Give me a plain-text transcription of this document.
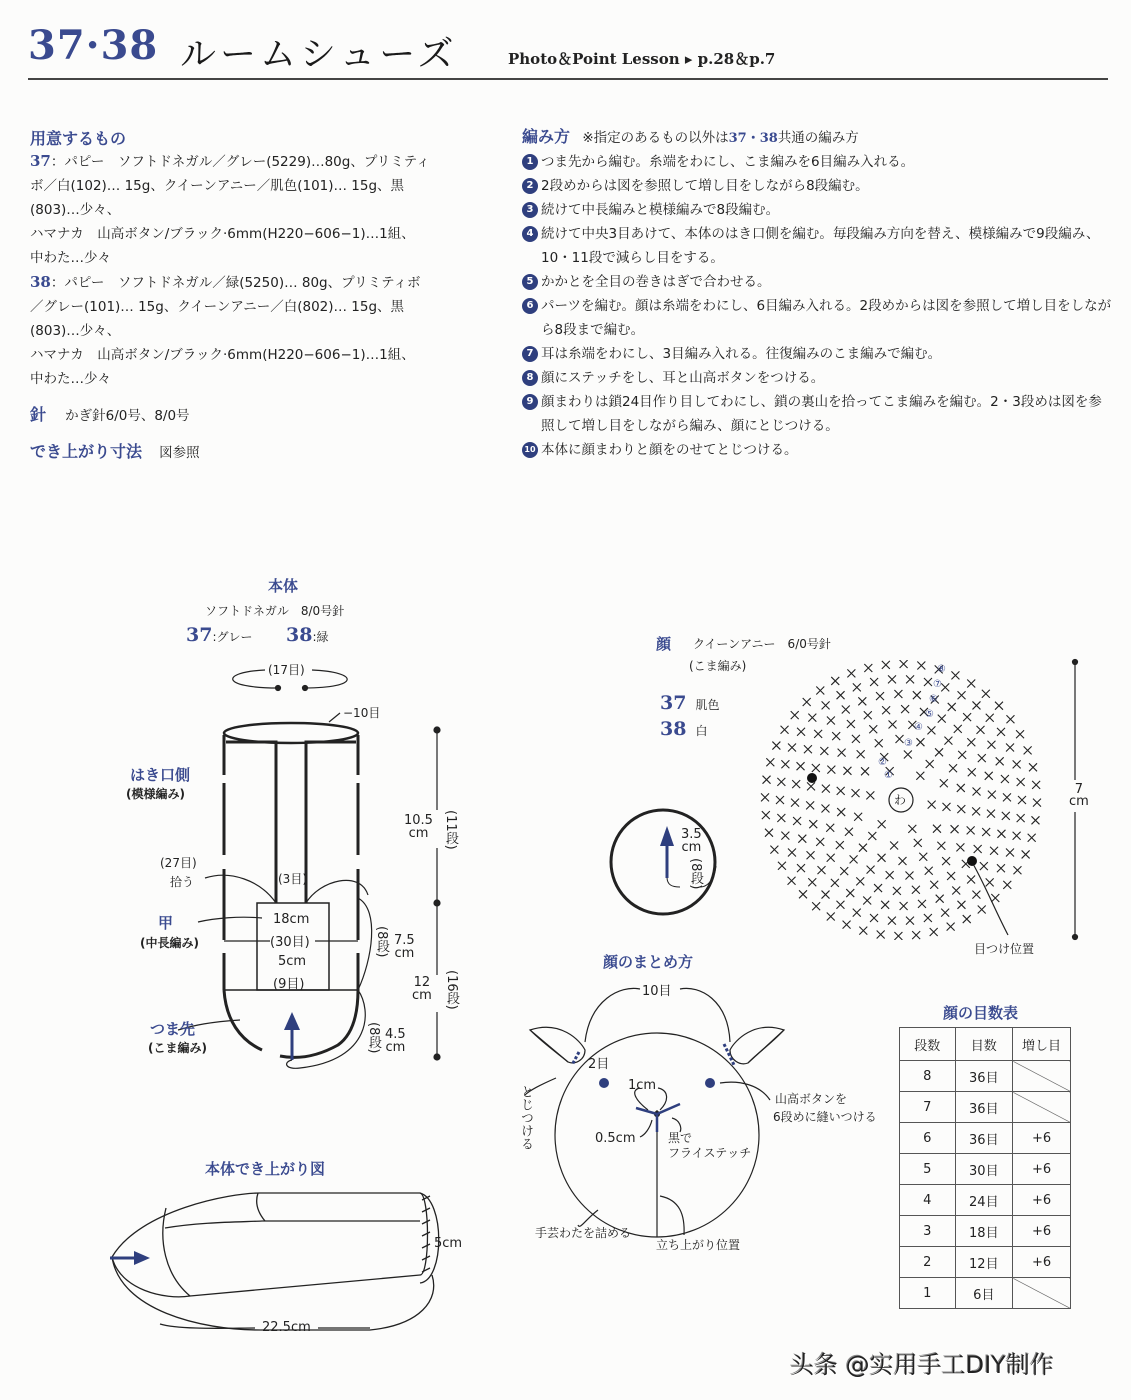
37·38 ルームシューズ	Photo＆Point Lesson ▸ p.28＆p.7
用意するもの
37：パピー　ソフトドネガル／グレー(5229)…80g、プリミティ
ボ／白(102)… 15g、クイーンアニー／肌色(101)… 15g、黒
(803)…少々、
ハマナカ　山高ボタン/ブラック·6mm(H220−606−1)…1組、
中わた…少々
38：パピー　ソフトドネガル／緑(5250)… 80g、プリミティボ
／グレー(101)… 15g、クイーンアニー／白(802)… 15g、黒
(803)…少々、
ハマナカ　山高ボタン/ブラック·6mm(H220−606−1)…1組、
中わた…少々
針 かぎ針6/0号、8/0号
でき上がり寸法 図参照
編み方 ※指定のあるもの以外は37・38共通の編み方
1 つま先から編む。糸端をわにし、こま編みを6目編み入れる。
2 2段めからは図を参照して増し目をしながら8段編む。
3 続けて中長編みと模様編みで8段編む。
4 続けて中央3目あけて、本体のはき口側を編む。毎段編み方向を替え、模様編みで9段編み、10・11段で減らし目をする。
5 かかとを全目の巻きはぎで合わせる。
6 パーツを編む。顔は糸端をわにし、6目編み入れる。2段めからは図を参照して増し目をしながら8段まで編む。
7 耳は糸端をわにし、3目編み入れる。往復編みのこま編みで編む。
8 顔にステッチをし、耳と山高ボタンをつける。
9 顔まわりは鎖24目作り目してわにし、鎖の裏山を拾ってこま編みを編む。2・3段めは図を参照して増し目をしながら編み、顔にとじつける。
10 本体に顔まわりと顔をのせてとじつける。
本体
ソフトドネガル　8/0号針
37:グレー 38:緑
(17目)
−10目
はき口側
(模様編み)
(27目)
拾う	(3目)
甲
(中長編み)
18cm
(30目)
5cm
(9目)
つま先
(こま編み)
10.5
cm	(11段)
(8段) 7.5
cm
12
cm (16段)
(8段) 4.5
cm
本体でき上がり図
5cm
22.5cm
顔 クイーンアニー　6/0号針
(こま編み)
37 肌色
38 白
3.5
cm
(8段)
わ
①
②
③
④
⑤
⑥
⑦
⑧
7
cm
目つけ位置
顔のまとめ方
10目
2目
とじつける	1cm
0.5cm	黒で
フライステッチ
山高ボタンを
6段めに縫いつける
手芸わたを詰める
立ち上がり位置
顔の目数表
段数	目数	増し目
8	36目	
7	36目	
6	36目	+6
5	30目	+6
4	24目	+6
3	18目	+6
2	12目	+6
1	6目	
头条 @实用手工DIY制作
